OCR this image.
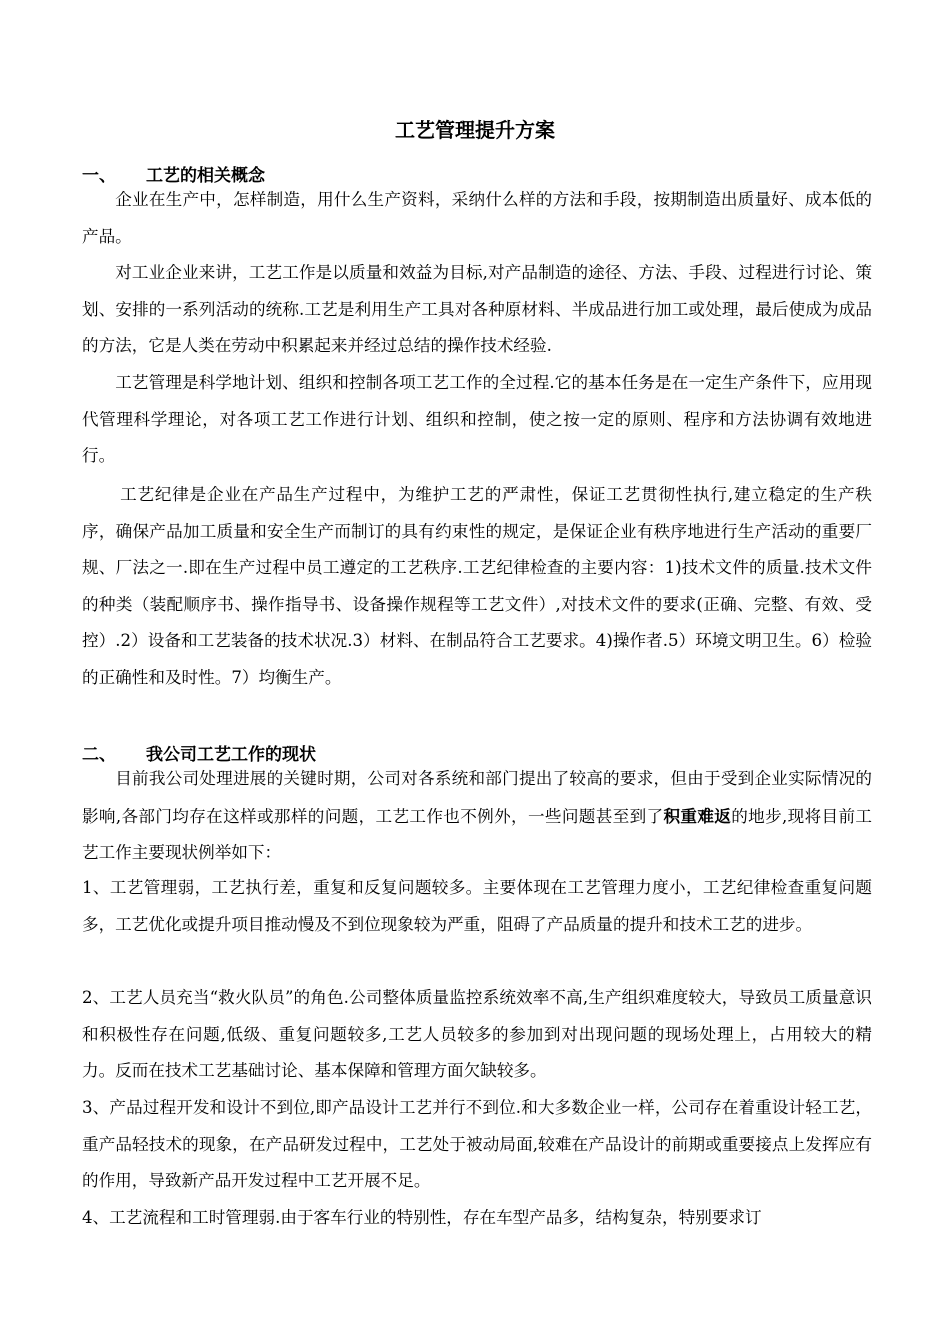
工艺管理提升方案
一、 工艺的相关概念
企业在生产中，怎样制造，用什么生产资料，采纳什么样的方法和手段，按期制造出质量好、成本低的产品。
对工业企业来讲，工艺工作是以质量和效益为目标,对产品制造的途径、方法、手段、过程进行讨论、策划、安排的一系列活动的统称.工艺是利用生产工具对各种原材料、半成品进行加工或处理，最后使成为成品的方法，它是人类在劳动中积累起来并经过总结的操作技术经验.
工艺管理是科学地计划、组织和控制各项工艺工作的全过程.它的基本任务是在一定生产条件下，应用现代管理科学理论，对各项工艺工作进行计划、组织和控制，使之按一定的原则、程序和方法协调有效地进行。
工艺纪律是企业在产品生产过程中，为维护工艺的严肃性，保证工艺贯彻性执行,建立稳定的生产秩序，确保产品加工质量和安全生产而制订的具有约束性的规定，是保证企业有秩序地进行生产活动的重要厂规、厂法之一.即在生产过程中员工遵定的工艺秩序.工艺纪律检查的主要内容：1)技术文件的质量.技术文件的种类（装配顺序书、操作指导书、设备操作规程等工艺文件）,对技术文件的要求(正确、完整、有效、受控）.2）设备和工艺装备的技术状况.3）材料、在制品符合工艺要求。4)操作者.5）环境文明卫生。6）检验的正确性和及时性。7）均衡生产。
二、 我公司工艺工作的现状
目前我公司处理进展的关键时期，公司对各系统和部门提出了较高的要求，但由于受到企业实际情况的影响,各部门均存在这样或那样的问题，工艺工作也不例外，一些问题甚至到了积重难返的地步,现将目前工艺工作主要现状例举如下：
1、工艺管理弱，工艺执行差，重复和反复问题较多。主要体现在工艺管理力度小，工艺纪律检查重复问题多，工艺优化或提升项目推动慢及不到位现象较为严重，阻碍了产品质量的提升和技术工艺的进步。
2、工艺人员充当“救火队员”的角色.公司整体质量监控系统效率不高,生产组织难度较大，导致员工质量意识和积极性存在问题,低级、重复问题较多,工艺人员较多的参加到对出现问题的现场处理上，占用较大的精力。反而在技术工艺基础讨论、基本保障和管理方面欠缺较多。
3、产品过程开发和设计不到位,即产品设计工艺并行不到位.和大多数企业一样，公司存在着重设计轻工艺，重产品轻技术的现象，在产品研发过程中，工艺处于被动局面,较难在产品设计的前期或重要接点上发挥应有的作用，导致新产品开发过程中工艺开展不足。
4、工艺流程和工时管理弱.由于客车行业的特别性，存在车型产品多，结构复杂，特别要求订
